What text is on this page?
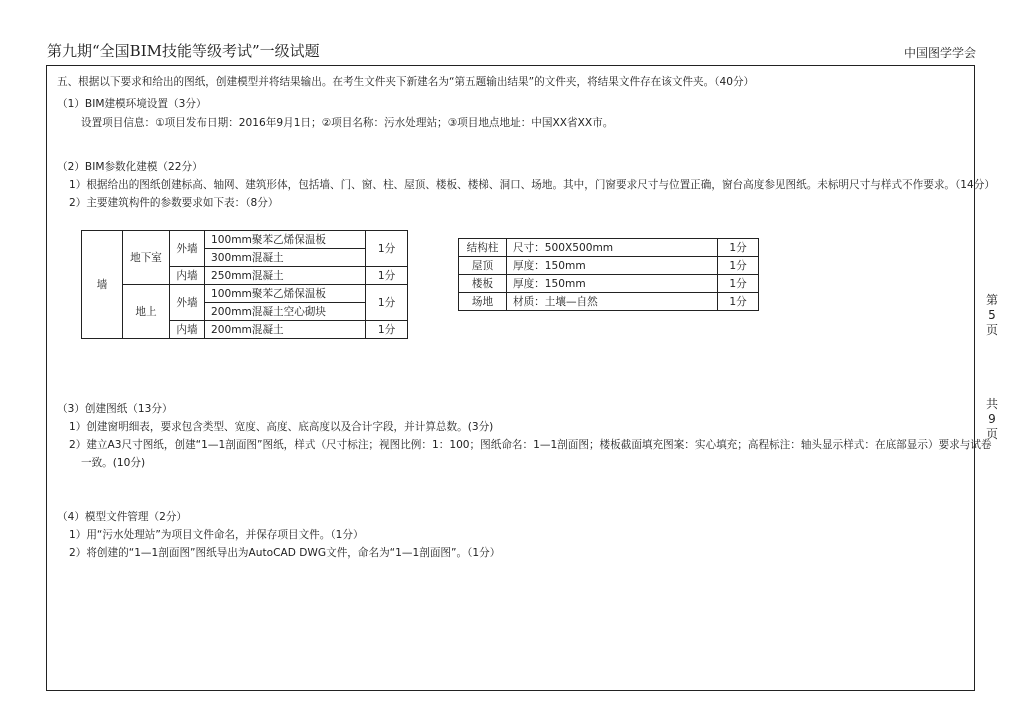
第九期“全国BIM技能等级考试”一级试题	中国图学学会
五、根据以下要求和给出的图纸，创建模型并将结果输出。在考生文件夹下新建名为“第五题输出结果”的文件夹，将结果文件存在该文件夹。（40分）
（1）BIM建模环境设置（3分）
设置项目信息：①项目发布日期：2016年9月1日；②项目名称：污水处理站；③项目地点地址：中国XX省XX市。
（2）BIM参数化建模（22分）
1）根据给出的图纸创建标高、轴网、建筑形体，包括墙、门、窗、柱、屋顶、楼板、楼梯、洞口、场地。其中，门窗要求尺寸与位置正确，窗台高度参见图纸。未标明尺寸与样式不作要求。（14分）
2）主要建筑构件的参数要求如下表：（8分）
墙	地下室	外墙	100mm聚苯乙烯保温板	1分
			300mm混凝土	
		内墙	250mm混凝土	1分
	地上	外墙	100mm聚苯乙烯保温板	1分
			200mm混凝土空心砌块	
		内墙	200mm混凝土	1分
结构柱	尺寸：500X500mm	1分
屋顶	厚度：150mm	1分
楼板	厚度：150mm	1分
场地	材质：土壤—自然	1分
（3）创建图纸（13分）
1）创建窗明细表，要求包含类型、宽度、高度、底高度以及合计字段，并计算总数。(3分)
2）建立A3尺寸图纸，创建“1—1剖面图”图纸，样式（尺寸标注；视图比例：1：100；图纸命名：1—1剖面图；楼板截面填充图案：实心填充；高程标注：轴头显示样式：在底部显示）要求与试卷
一致。(10分)
（4）模型文件管理（2分）
1）用“污水处理站”为项目文件命名，并保存项目文件。（1分）
2）将创建的“1—1剖面图”图纸导出为AutoCAD DWG文件，命名为“1—1剖面图”。（1分）
第
5
页
共
9
页
